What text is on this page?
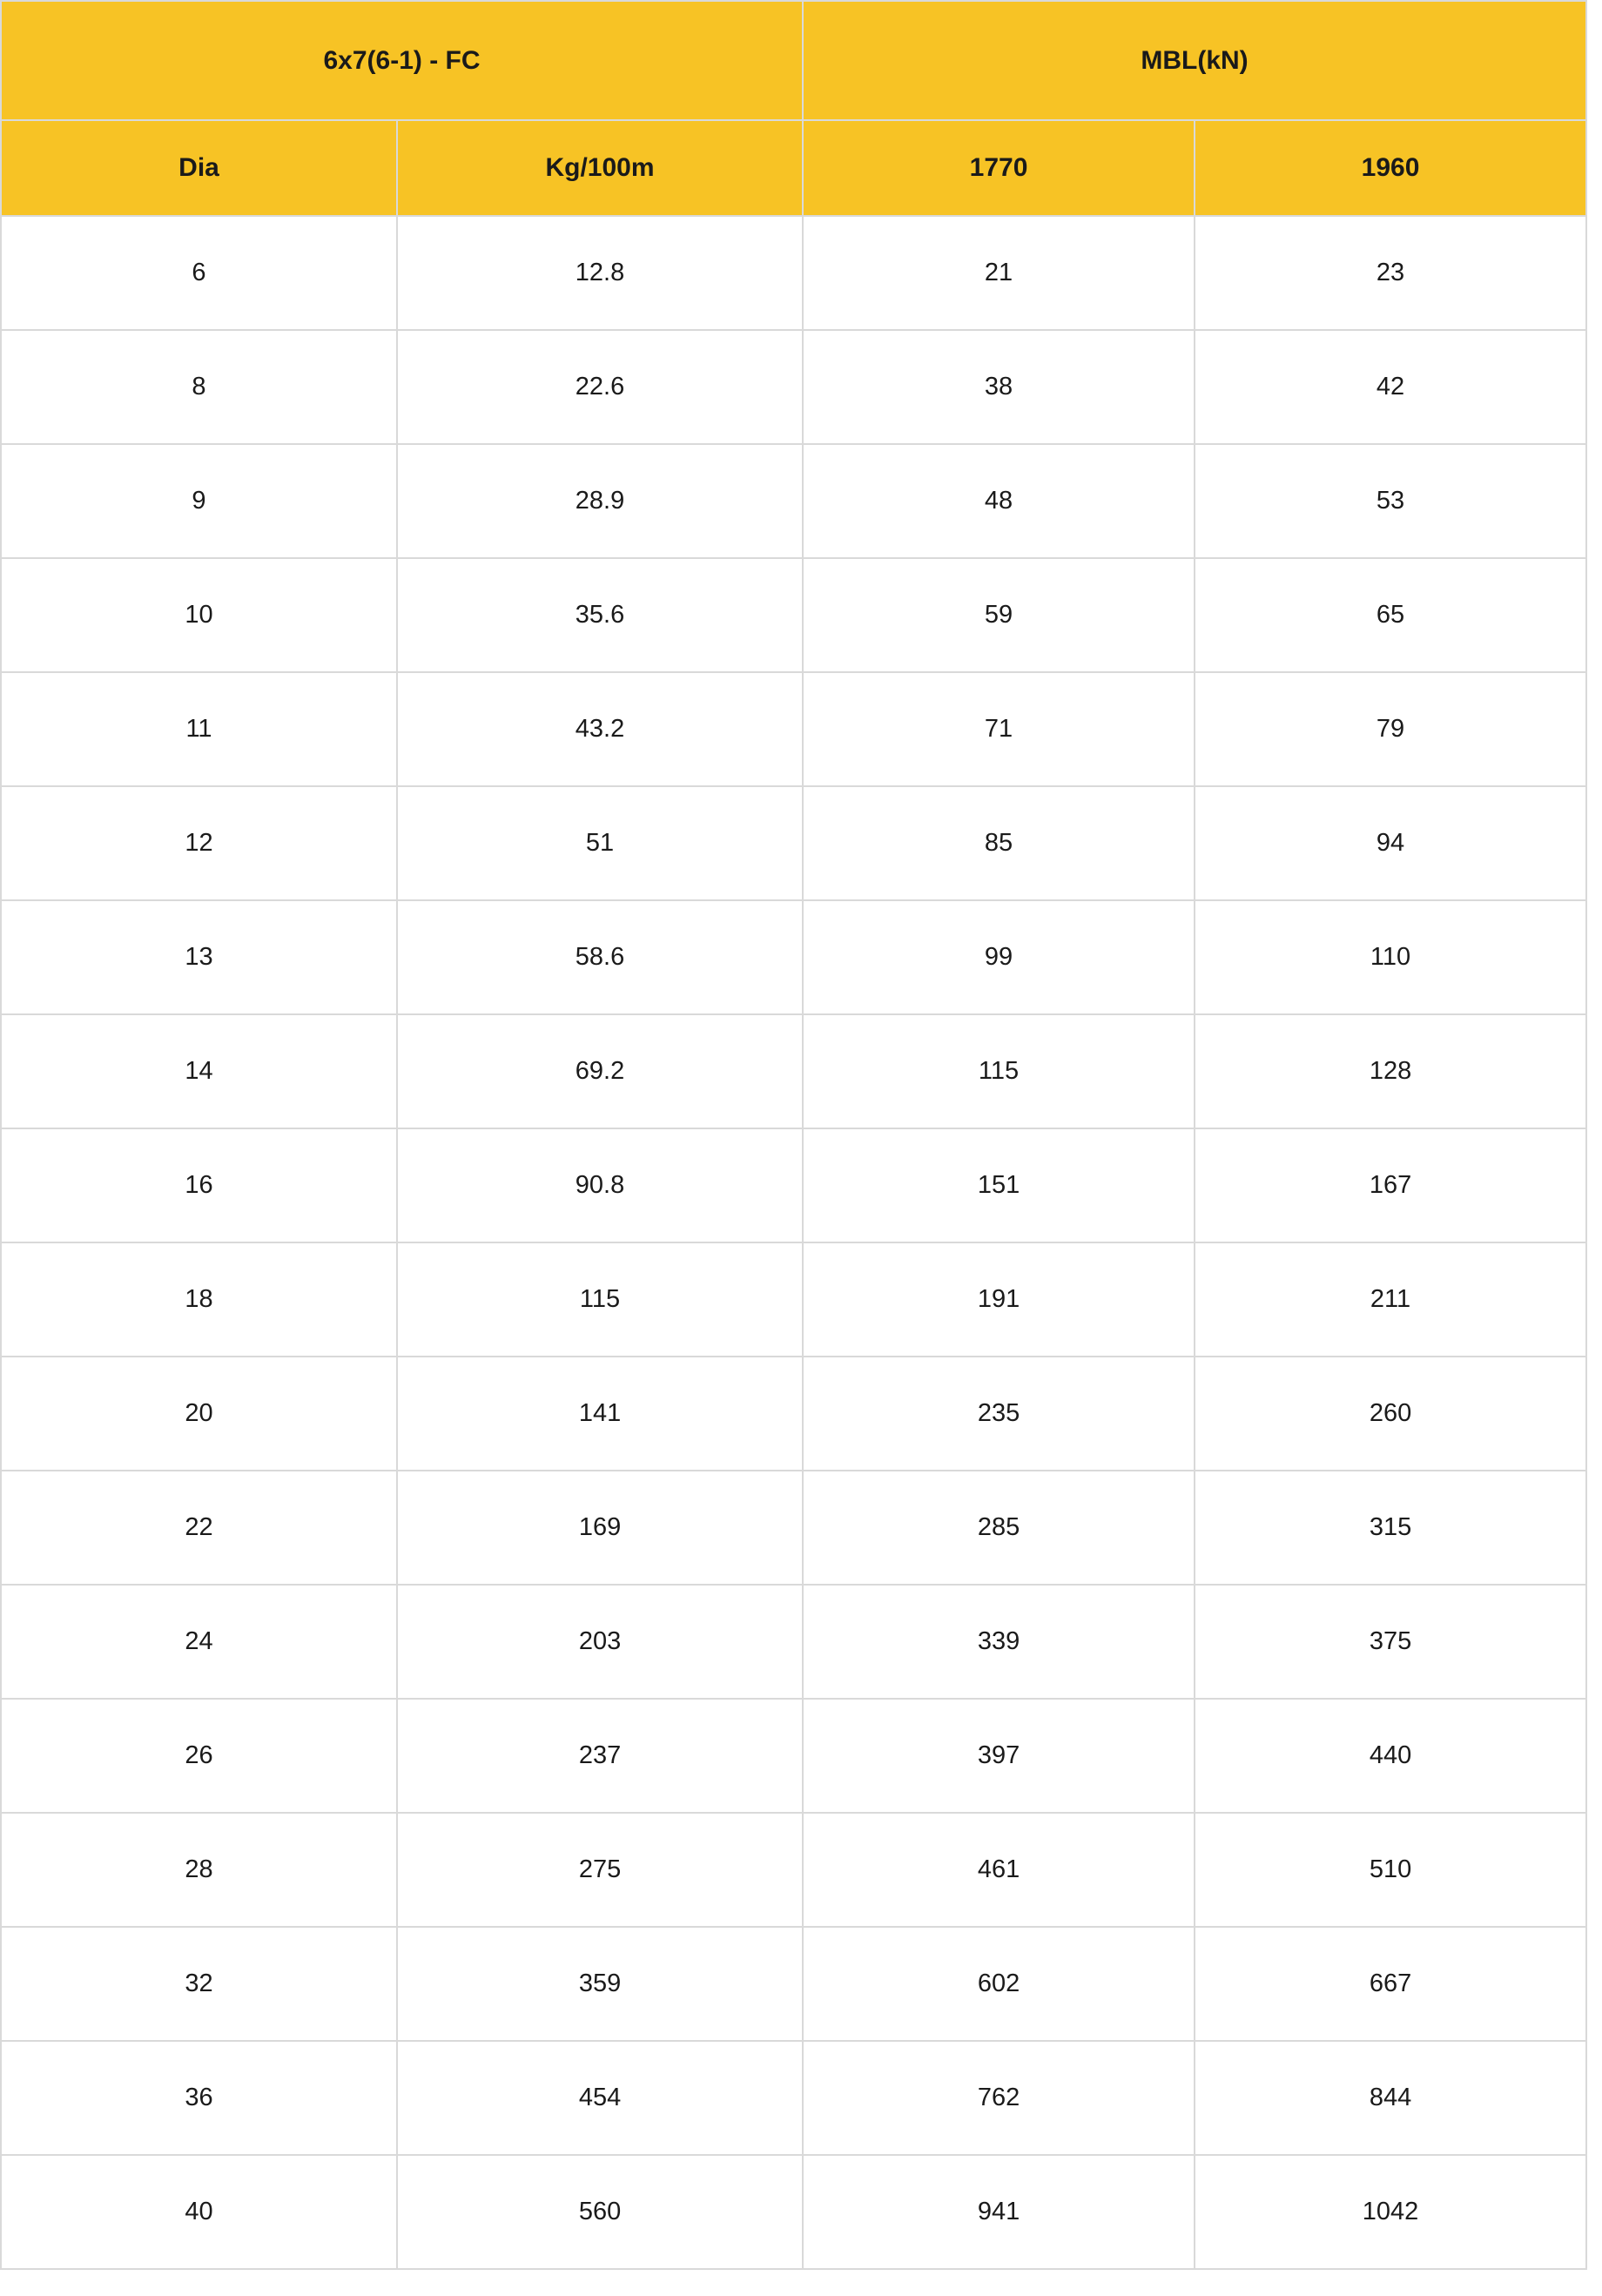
6x7(6-1) - FC		MBL(kN)	
Dia	Kg/100m	1770	1960
6	12.8	21	23
8	22.6	38	42
9	28.9	48	53
10	35.6	59	65
11	43.2	71	79
12	51	85	94
13	58.6	99	110
14	69.2	115	128
16	90.8	151	167
18	115	191	211
20	141	235	260
22	169	285	315
24	203	339	375
26	237	397	440
28	275	461	510
32	359	602	667
36	454	762	844
40	560	941	1042
